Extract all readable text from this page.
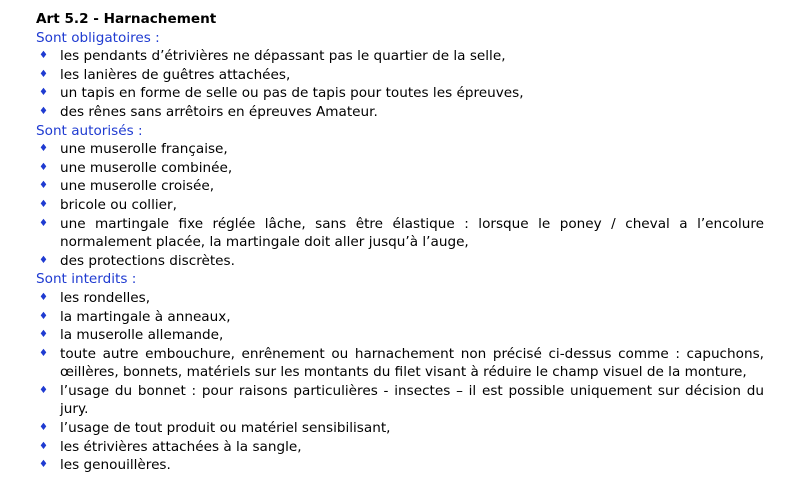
Art 5.2 - Harnachement
Sont obligatoires :
♦ les pendants d’étrivières ne dépassant pas le quartier de la selle,
♦ les lanières de guêtres attachées,
♦ un tapis en forme de selle ou pas de tapis pour toutes les épreuves,
♦ des rênes sans arrêtoirs en épreuves Amateur.
Sont autorisés :
♦ une muserolle française,
♦ une muserolle combinée,
♦ une muserolle croisée,
♦ bricole ou collier,
♦ une martingale fixe réglée lâche, sans être élastique : lorsque le poney / cheval a l’encolure normalement placée, la martingale doit aller jusqu’à l’auge,
♦ des protections discrètes.
Sont interdits :
♦ les rondelles,
♦ la martingale à anneaux,
♦ la muserolle allemande,
♦ toute autre embouchure, enrênement ou harnachement non précisé ci-dessus comme : capuchons, œillères, bonnets, matériels sur les montants du filet visant à réduire le champ visuel de la monture,
♦ l’usage du bonnet : pour raisons particulières - insectes – il est possible uniquement sur décision du jury.
♦ l’usage de tout produit ou matériel sensibilisant,
♦ les étrivières attachées à la sangle,
♦ les genouillères.
